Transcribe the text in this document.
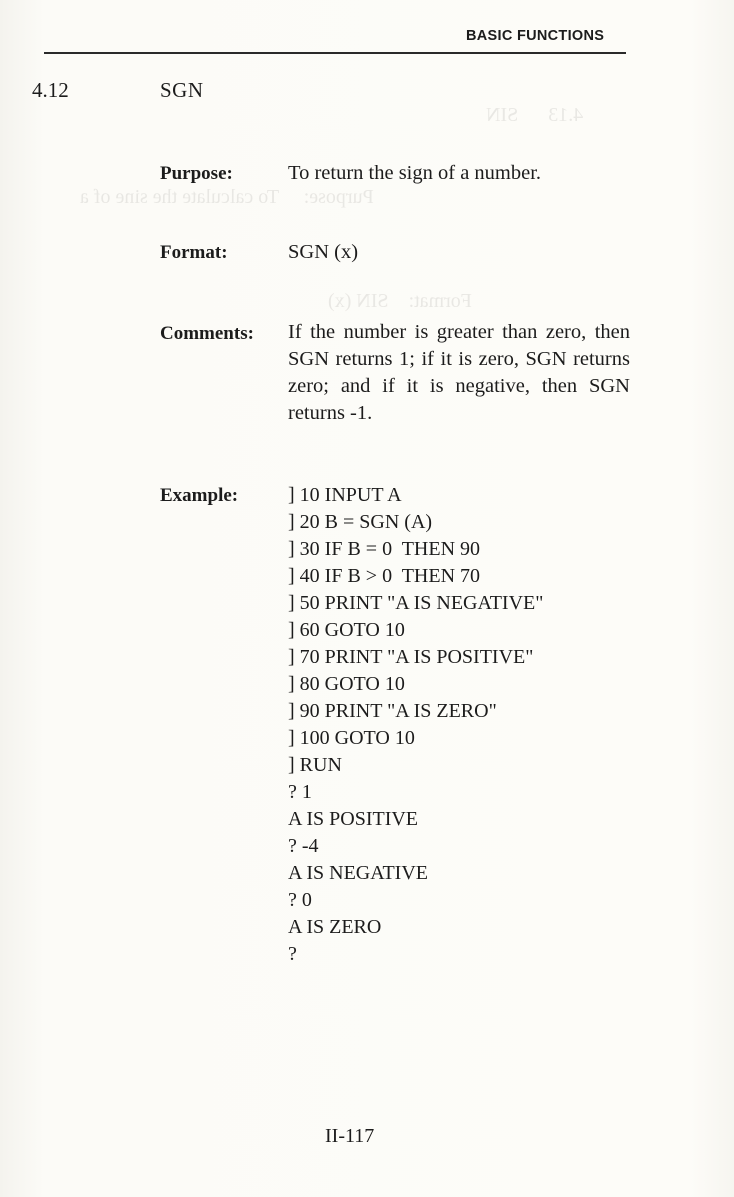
4.13      SIN
Purpose:     To calculate the sine of a
Format:    SIN (x)
BASIC FUNCTIONS
4.12	SGN
Purpose:	To return the sign of a number.
Format:	SGN (x)
Comments: If the number is greater than zero, then SGN returns 1; if it is zero, SGN returns zero; and if it is negative, then SGN returns -1.
Example: ] 10 INPUT A
] 20 B = SGN (A)
] 30 IF B = 0  THEN 90
] 40 IF B > 0  THEN 70
] 50 PRINT "A IS NEGATIVE"
] 60 GOTO 10
] 70 PRINT "A IS POSITIVE"
] 80 GOTO 10
] 90 PRINT "A IS ZERO"
] 100 GOTO 10
] RUN
? 1
A IS POSITIVE
? -4
A IS NEGATIVE
? 0
A IS ZERO
?
II-117
